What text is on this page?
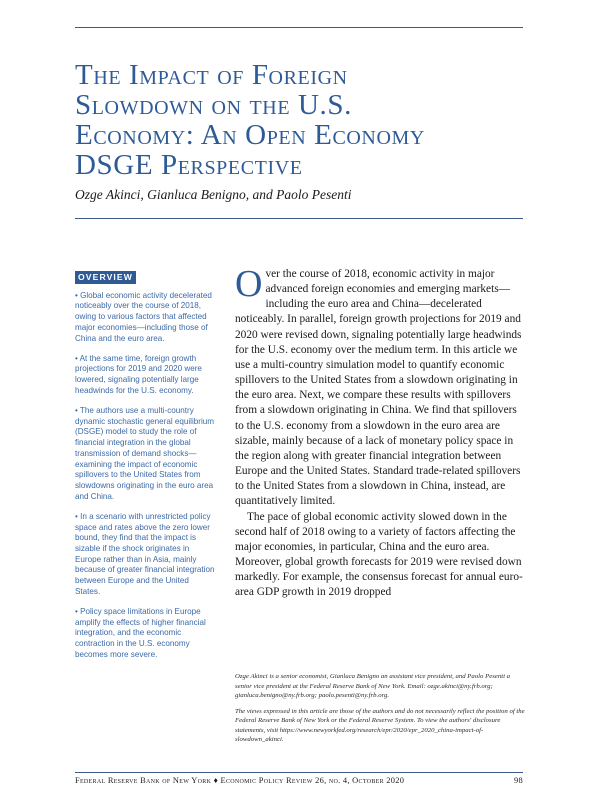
The Impact of Foreign
Slowdown on the U.S.
Economy: An Open Economy
DSGE Perspective
Ozge Akinci, Gianluca Benigno, and Paolo Pesenti
OVERVIEW

• Global economic activity decelerated noticeably over the course of 2018, owing to various factors that affected major economies—including those of China and the euro area.

• At the same time, foreign growth projections for 2019 and 2020 were lowered, signaling potentially large headwinds for the U.S. economy.

• The authors use a multi-country dynamic stochastic general equilibrium (DSGE) model to study the role of financial integration in the global transmission of demand shocks—examining the impact of economic spillovers to the United States from slowdowns originating in the euro area and China.

• In a scenario with unrestricted policy space and rates above the zero lower bound, they find that the impact is sizable if the shock originates in Europe rather than in Asia, mainly because of greater financial integration between Europe and the United States.

• Policy space limitations in Europe amplify the effects of higher financial integration, and the economic contraction in the U.S. economy becomes more severe.

Over the course of 2018, economic activity in major advanced foreign economies and emerging markets—including the euro area and China—decelerated noticeably. In parallel, foreign growth projections for 2019 and 2020 were revised down, signaling potentially large headwinds for the U.S. economy over the medium term. In this article we use a multi-country simulation model to quantify economic spillovers to the United States from a slowdown originating in the euro area. Next, we compare these results with spillovers from a slowdown originating in China. We find that spillovers to the U.S. economy from a slowdown in the euro area are sizable, mainly because of a lack of monetary policy space in the region along with greater financial integration between Europe and the United States. Standard trade-related spillovers to the United States from a slowdown in China, instead, are quantitatively limited.

The pace of global economic activity slowed down in the second half of 2018 owing to a variety of factors affecting the major economies, in particular, China and the euro area. Moreover, global growth forecasts for 2019 were revised down markedly. For example, the consensus forecast for annual euro-area GDP growth in 2019 dropped

Ozge Akinci is a senior economist, Gianluca Benigno an assistant vice president, and Paolo Pesenti a senior vice president at the Federal Reserve Bank of New York. Email: ozge.akinci@ny.frb.org; gianluca.benigno@ny.frb.org; paolo.pesenti@ny.frb.org.

The views expressed in this article are those of the authors and do not necessarily reflect the position of the Federal Reserve Bank of New York or the Federal Reserve System. To view the authors' disclosure statements, visit https://www.newyorkfed.org/research/epr/2020/epr_2020_china-impact-of-slowdown_akinci.

Federal Reserve Bank of New York ♦ Economic Policy Review 26, no. 4, October 2020	98
